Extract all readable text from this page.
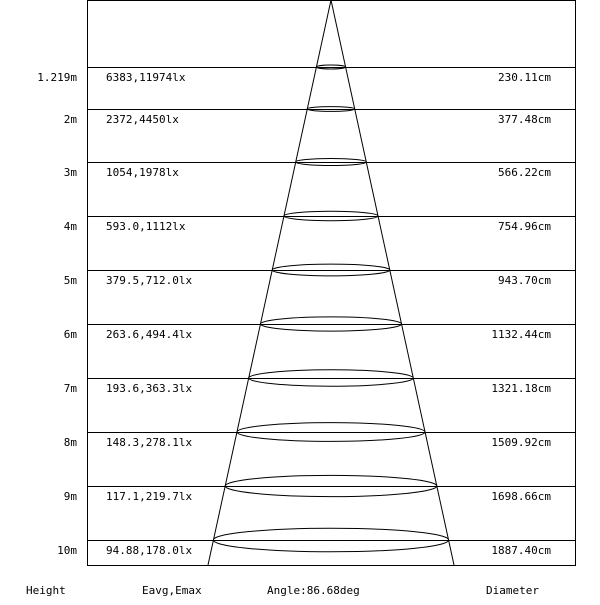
1.219m	6383,11974lx	230.11cm
2m	2372,4450lx	377.48cm
3m	1054,1978lx	566.22cm
4m	593.0,1112lx	754.96cm
5m	379.5,712.0lx	943.70cm
6m	263.6,494.4lx	1132.44cm
7m	193.6,363.3lx	1321.18cm
8m	148.3,278.1lx	1509.92cm
9m	117.1,219.7lx	1698.66cm
10m	94.88,178.0lx	1887.40cm
Height	Eavg,Emax	Angle:86.68deg	Diameter
